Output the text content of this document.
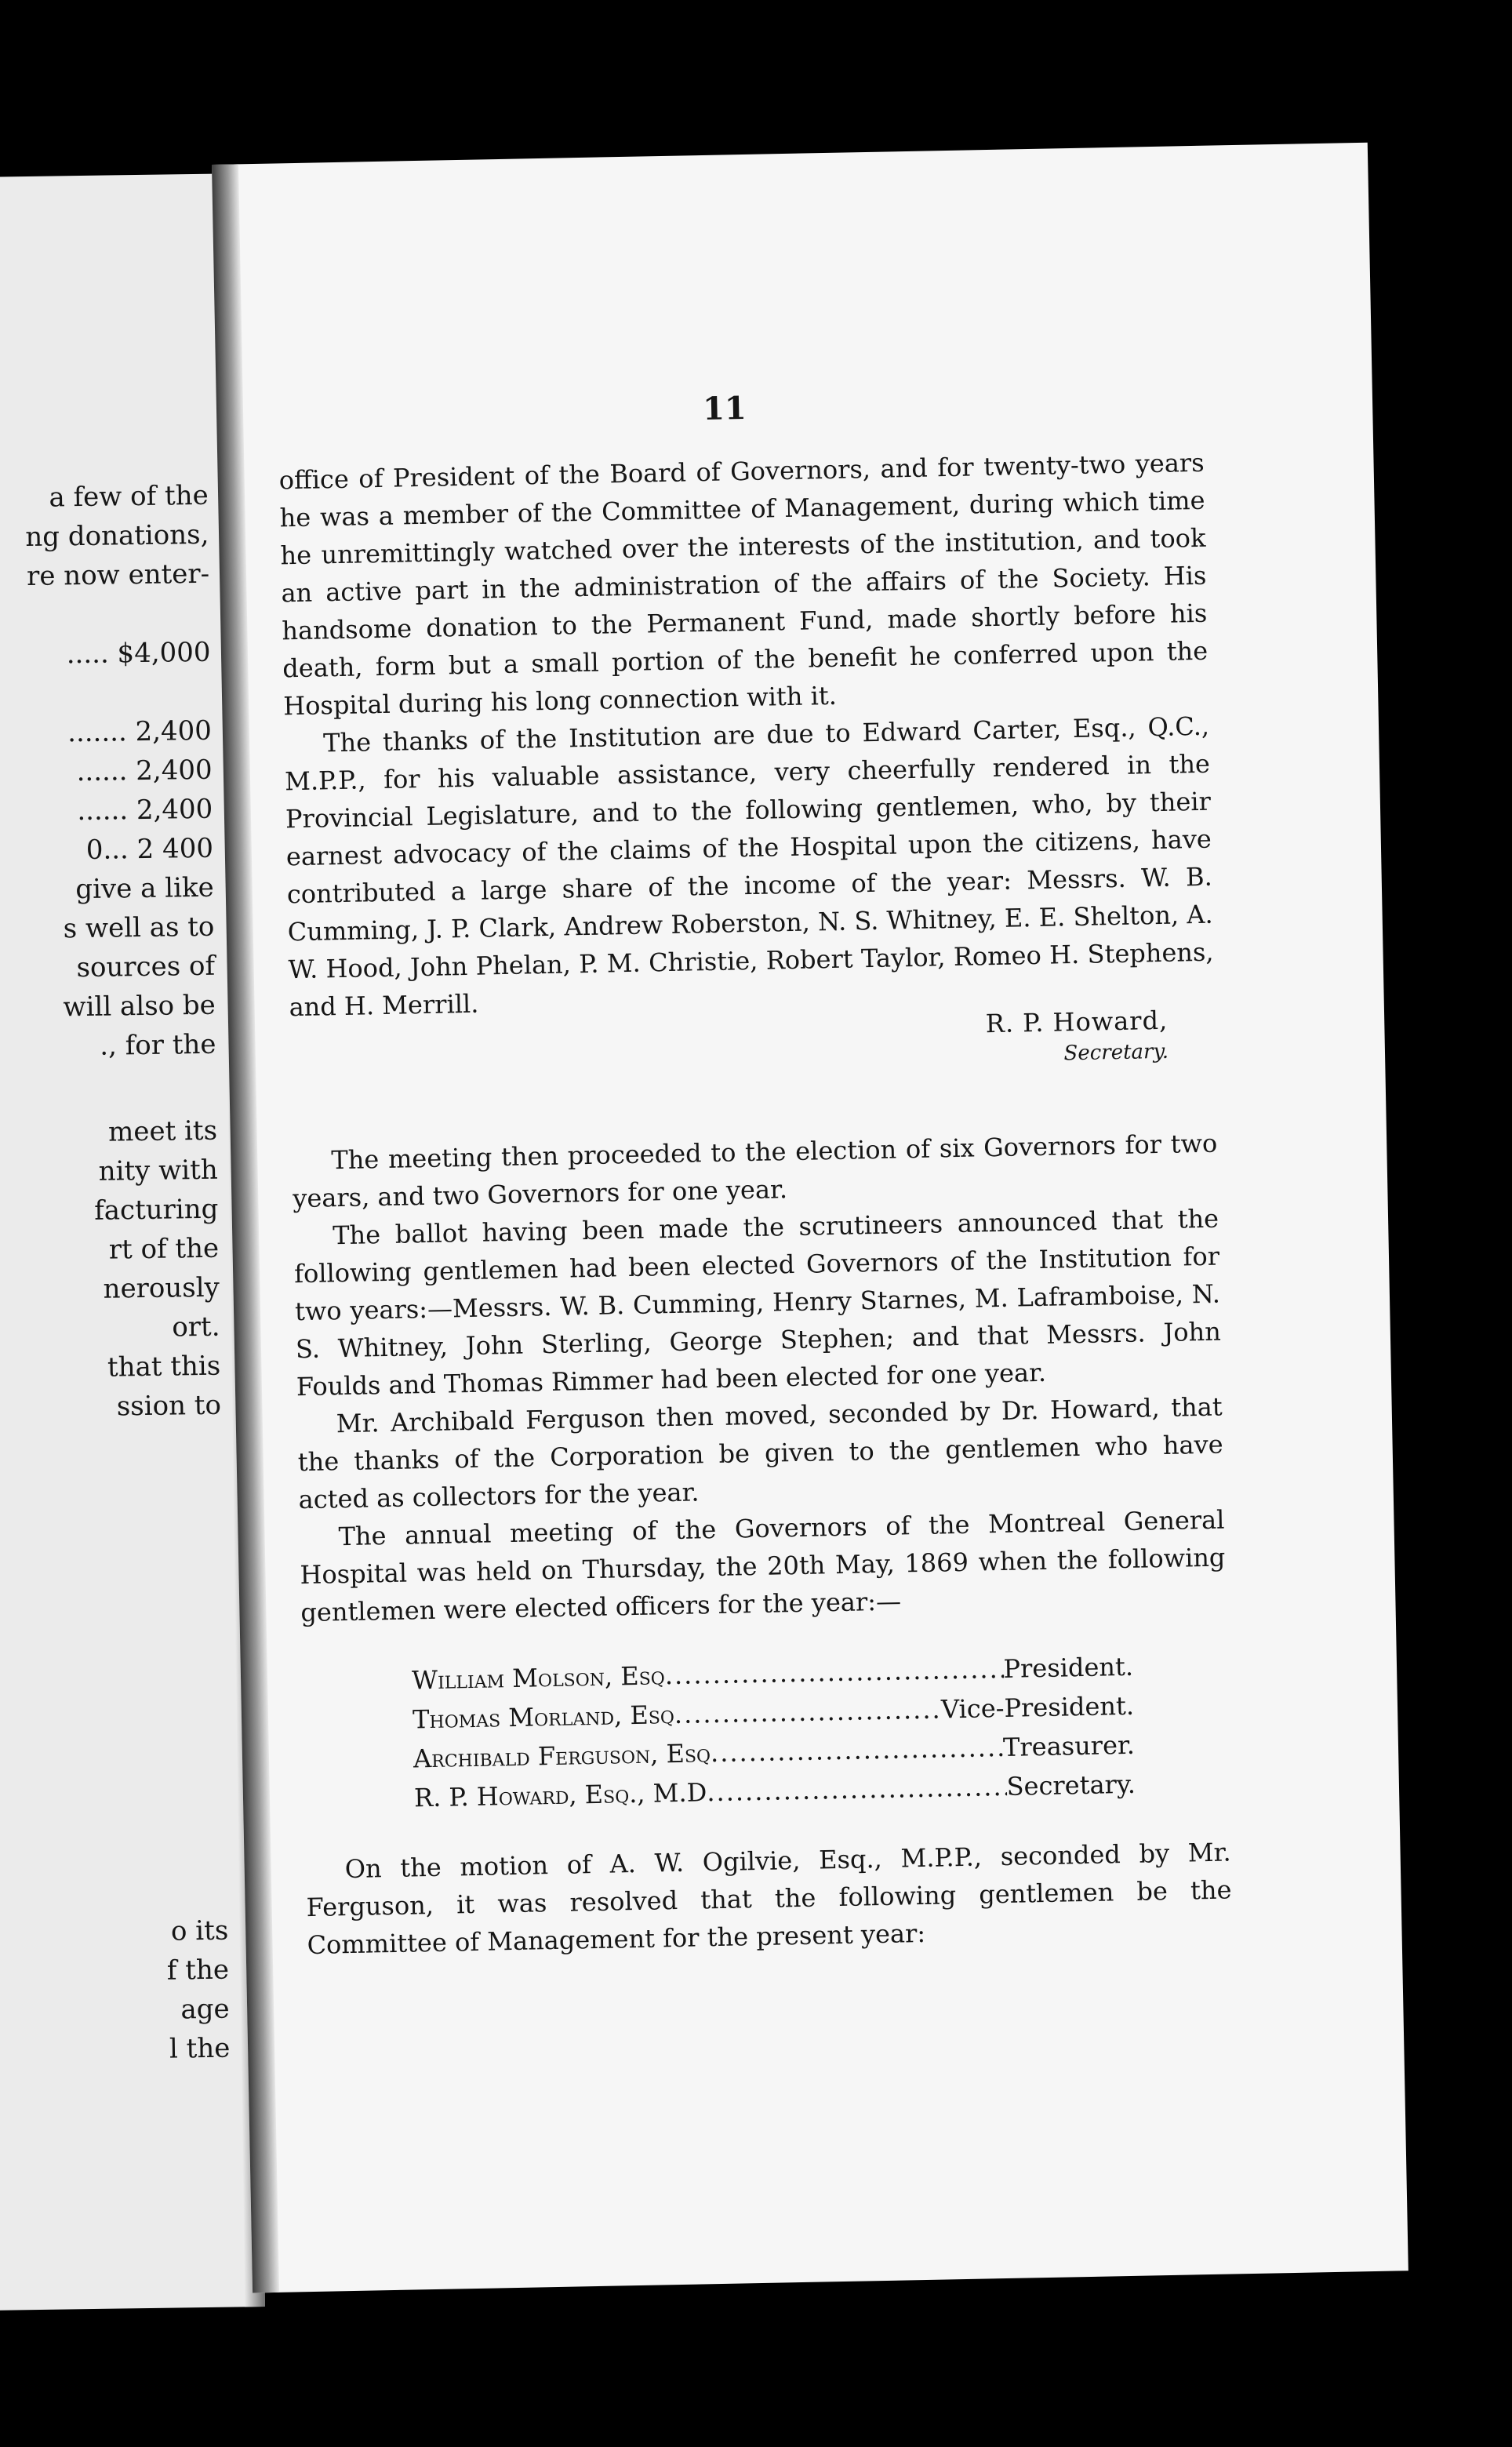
a few of the
ng donations,
re now enter-
..... $4,000
....... 2,400
...... 2,400
...... 2,400
0... 2 400
give a like
s well as to
sources of
will also be
., for the
meet its
nity with
facturing
rt of the
nerously
ort.
that this
ssion to
o its
f the
age
l the
11

office of President of the Board of Governors, and for twenty-two years he was a member of the Committee of Management, during which time he unremittingly watched over the interests of the institution, and took an active part in the administration of the affairs of the Society. His handsome donation to the Permanent Fund, made shortly before his death, form but a small portion of the benefit he conferred upon the Hospital during his long connection with it.

The thanks of the Institution are due to Edward Carter, Esq., Q.C., M.P.P., for his valuable assistance, very cheerfully rendered in the Provincial Legislature, and to the following gentlemen, who, by their earnest advocacy of the claims of the Hospital upon the citizens, have contributed a large share of the income of the year: Messrs. W. B. Cumming, J. P. Clark, Andrew Roberston, N. S. Whitney, E. E. Shelton, A. W. Hood, John Phelan, P. M. Christie, Robert Taylor, Romeo H. Stephens, and H. Merrill.	R. P. Howard,
Secretary.

The meeting then proceeded to the election of six Governors for two years, and two Governors for one year.

The ballot having been made the scrutineers announced that the following gentlemen had been elected Governors of the Institution for two years:—Messrs. W. B. Cumming, Henry Starnes, M. Laframboise, N. S. Whitney, John Sterling, George Stephen; and that Messrs. John Foulds and Thomas Rimmer had been elected for one year.

Mr. Archibald Ferguson then moved, seconded by Dr. Howard, that the thanks of the Corporation be given to the gentlemen who have acted as collectors for the year.

The annual meeting of the Governors of the Montreal General Hospital was held on Thursday, the 20th May, 1869 when the following gentlemen were elected officers for the year:—

William Molson, Esq .....	President.
Thomas Morland, Esq .....	Vice-President.
Archibald Ferguson, Esq .....	Treasurer.
R. P. Howard, Esq., M.D .....	Secretary.

On the motion of A. W. Ogilvie, Esq., M.P.P., seconded by Mr. Ferguson, it was resolved that the following gentlemen be the Committee of Management for the present year:
